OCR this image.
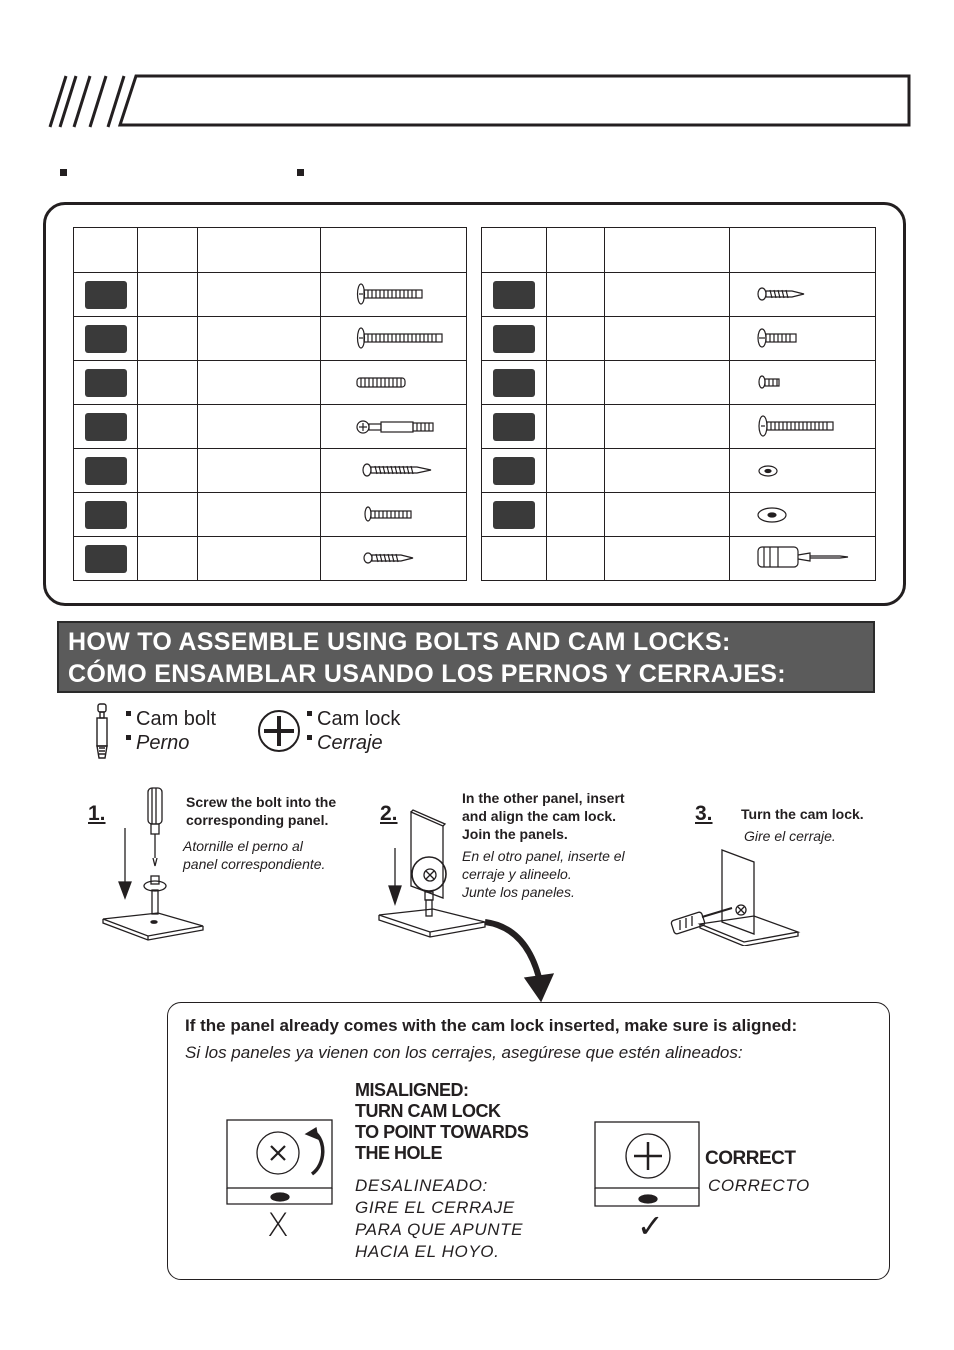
HOW TO ASSEMBLE USING BOLTS AND CAM LOCKS:
CÓMO ENSAMBLAR USANDO LOS PERNOS Y CERRAJES:
Cam bolt
Perno
Cam lock
Cerraje
1.	Screw the bolt into the
corresponding panel.
Atornille el perno al
panel correspondiente.
2.
In the other panel, insert
and align the cam lock.
Join the panels.
En el otro panel, inserte el
cerraje y alineelo.
Junte los paneles.
3. Turn the cam lock.
Gire el cerraje.
If the panel already comes with the cam lock inserted, make sure is aligned:
Si los paneles ya vienen con los cerrajes, asegúrese que estén alineados:
X
MISALIGNED:
TURN CAM LOCK
TO POINT TOWARDS
THE HOLE
DESALINEADO:
GIRE EL CERRAJE
PARA QUE APUNTE
HACIA EL HOYO.
✓
CORRECT
CORRECTO
